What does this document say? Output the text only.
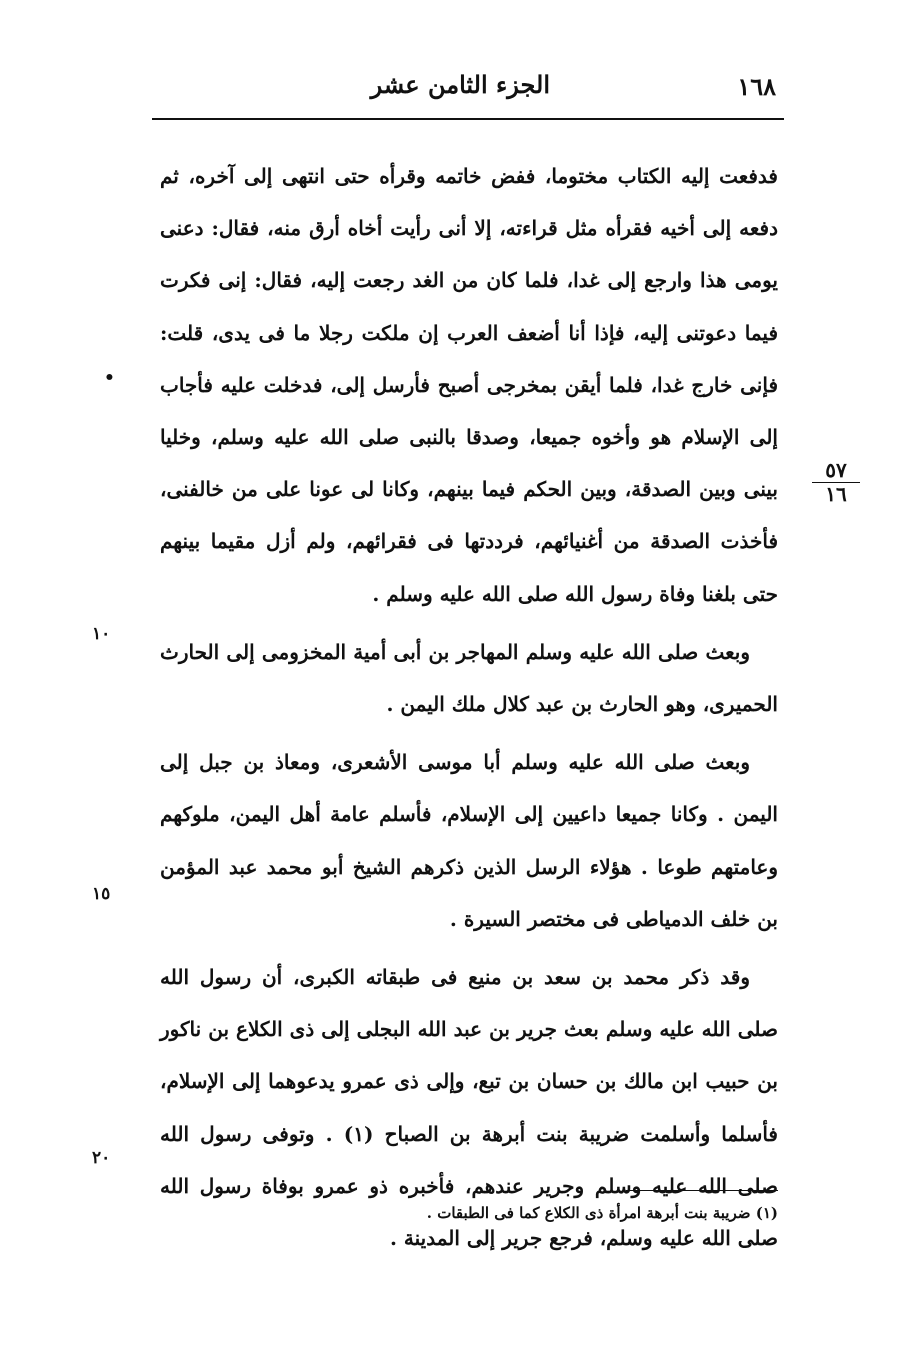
١٦٨
الجزء الثامن عشر

فدفعت إليه الكتاب مختوما، ففض خاتمه وقرأه حتى انتهى إلى آخره، ثم دفعه إلى أخيه فقرأه مثل قراءته، إلا أنى رأيت أخاه أرق منه، فقال: دعنى يومى هذا وارجع إلى غدا، فلما كان من الغد رجعت إليه، فقال: إنى فكرت فيما دعوتنى إليه، فإذا أنا أضعف العرب إن ملكت رجلا ما فى يدى، قلت: فإنى خارج غدا، فلما أيقن بمخرجى أصبح فأرسل إلى، فدخلت عليه فأجاب إلى الإسلام هو وأخوه جميعا، وصدقا بالنبى صلى الله عليه وسلم، وخليا بينى وبين الصدقة، وبين الحكم فيما بينهم، وكانا لى عونا على من خالفنى، فأخذت الصدقة من أغنيائهم، فرددتها فى فقرائهم، ولم أزل مقيما بينهم حتى بلغنا وفاة رسول الله صلى الله عليه وسلم .

وبعث صلى الله عليه وسلم المهاجر بن أبى أمية المخزومى إلى الحارث الحميرى، وهو الحارث بن عبد كلال ملك اليمن .

وبعث صلى الله عليه وسلم أبا موسى الأشعرى، ومعاذ بن جبل إلى اليمن . وكانا جميعا داعيين إلى الإسلام، فأسلم عامة أهل اليمن، ملوكهم وعامتهم طوعا . هؤلاء الرسل الذين ذكرهم الشيخ أبو محمد عبد المؤمن بن خلف الدمياطى فى مختصر السيرة .

وقد ذكر محمد بن سعد بن منيع فى طبقاته الكبرى، أن رسول الله صلى الله عليه وسلم بعث جرير بن عبد الله البجلى إلى ذى الكلاع بن ناكور بن حبيب ابن مالك بن حسان بن تبع، وإلى ذى عمرو يدعوهما إلى الإسلام، فأسلما وأسلمت ضريبة بنت أبرهة بن الصباح (١) . وتوفى رسول الله صلى الله عليه وسلم وجرير عندهم، فأخبره ذو عمرو بوفاة رسول الله صلى الله عليه وسلم، فرجع جرير إلى المدينة .

•
١٠
١٥
٢٠
٥٧
١٦
(١) ضريبة بنت أبرهة امرأة ذى الكلاع كما فى الطبقات .
